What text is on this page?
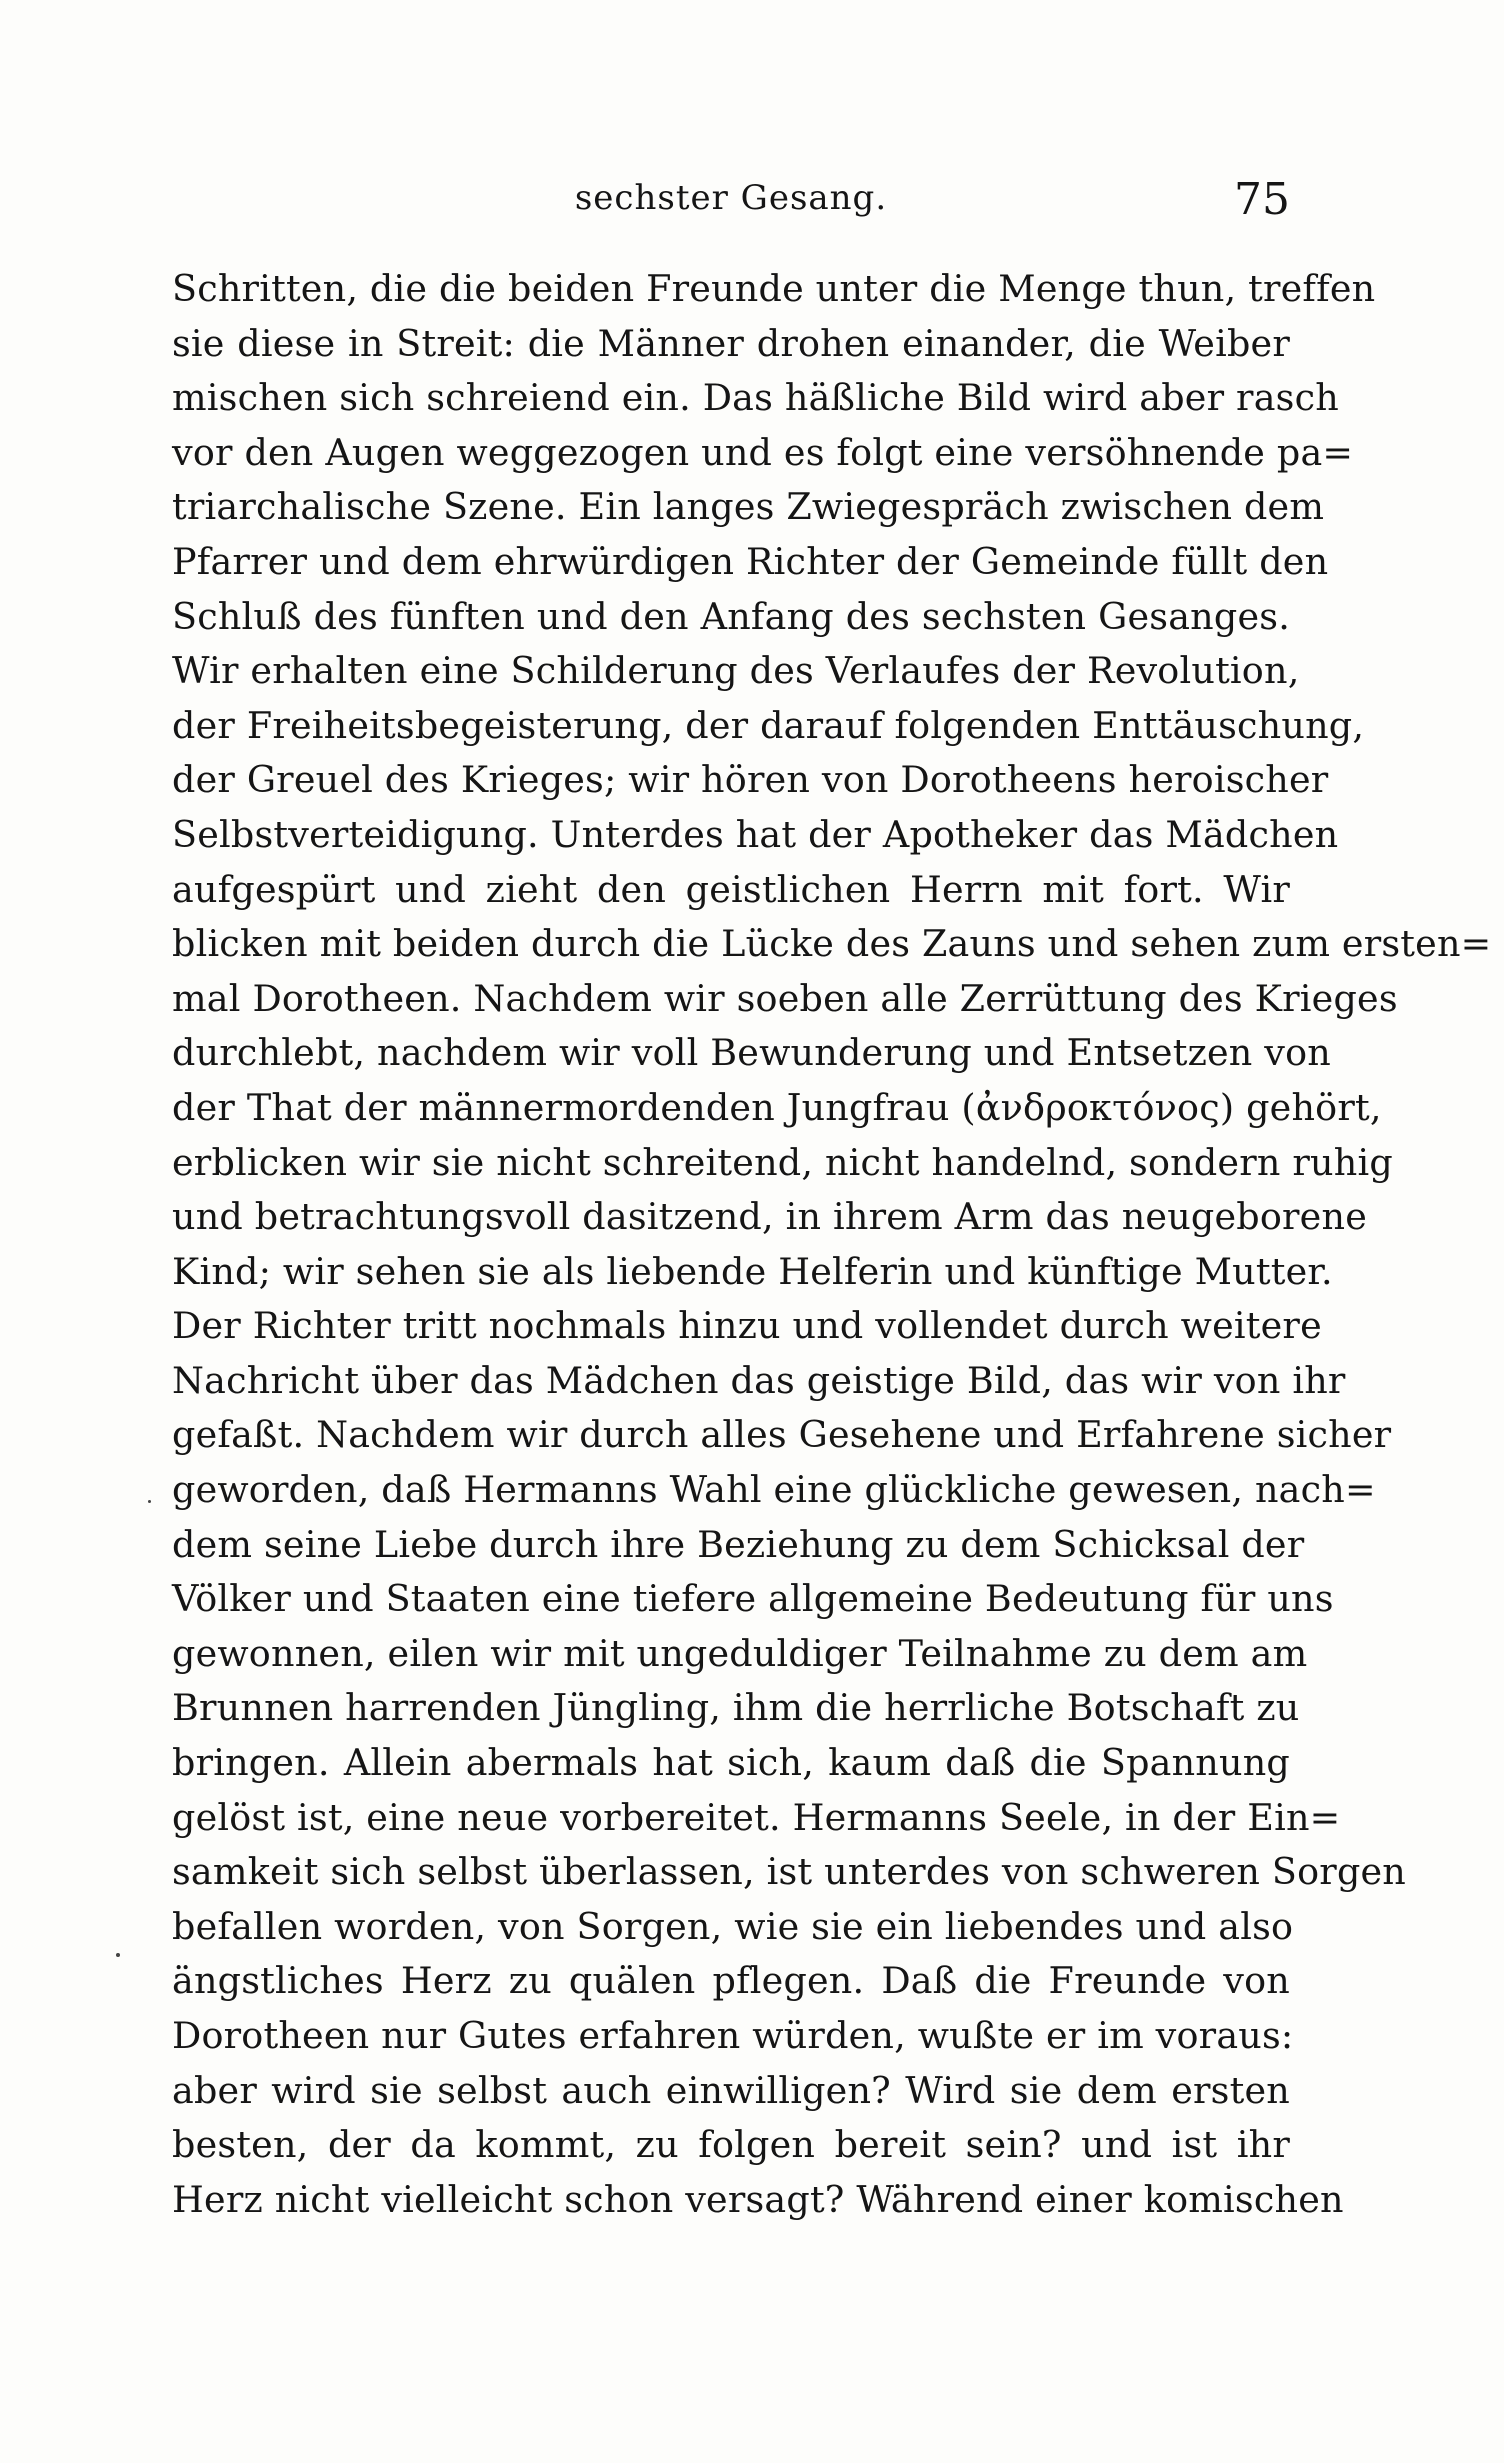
sechster Gesang.	75
Schritten, die die beiden Freunde unter die Menge thun, treffen
sie diese in Streit: die Männer drohen einander, die Weiber
mischen sich schreiend ein. Das häßliche Bild wird aber rasch
vor den Augen weggezogen und es folgt eine versöhnende pa=
triarchalische Szene. Ein langes Zwiegespräch zwischen dem
Pfarrer und dem ehrwürdigen Richter der Gemeinde füllt den
Schluß des fünften und den Anfang des sechsten Gesanges.
Wir erhalten eine Schilderung des Verlaufes der Revolution,
der Freiheitsbegeisterung, der darauf folgenden Enttäuschung,
der Greuel des Krieges; wir hören von Dorotheens heroischer
Selbstverteidigung. Unterdes hat der Apotheker das Mädchen
aufgespürt und zieht den geistlichen Herrn mit fort. Wir
blicken mit beiden durch die Lücke des Zauns und sehen zum ersten=
mal Dorotheen. Nachdem wir soeben alle Zerrüttung des Krieges
durchlebt, nachdem wir voll Bewunderung und Entsetzen von
der That der männermordenden Jungfrau (ἀνδροκτόνος) gehört,
erblicken wir sie nicht schreitend, nicht handelnd, sondern ruhig
und betrachtungsvoll dasitzend, in ihrem Arm das neugeborene
Kind; wir sehen sie als liebende Helferin und künftige Mutter.
Der Richter tritt nochmals hinzu und vollendet durch weitere
Nachricht über das Mädchen das geistige Bild, das wir von ihr
gefaßt. Nachdem wir durch alles Gesehene und Erfahrene sicher
geworden, daß Hermanns Wahl eine glückliche gewesen, nach=
dem seine Liebe durch ihre Beziehung zu dem Schicksal der
Völker und Staaten eine tiefere allgemeine Bedeutung für uns
gewonnen, eilen wir mit ungeduldiger Teilnahme zu dem am
Brunnen harrenden Jüngling, ihm die herrliche Botschaft zu
bringen. Allein abermals hat sich, kaum daß die Spannung
gelöst ist, eine neue vorbereitet. Hermanns Seele, in der Ein=
samkeit sich selbst überlassen, ist unterdes von schweren Sorgen
befallen worden, von Sorgen, wie sie ein liebendes und also
ängstliches Herz zu quälen pflegen. Daß die Freunde von
Dorotheen nur Gutes erfahren würden, wußte er im voraus:
aber wird sie selbst auch einwilligen? Wird sie dem ersten
besten, der da kommt, zu folgen bereit sein? und ist ihr
Herz nicht vielleicht schon versagt? Während einer komischen
